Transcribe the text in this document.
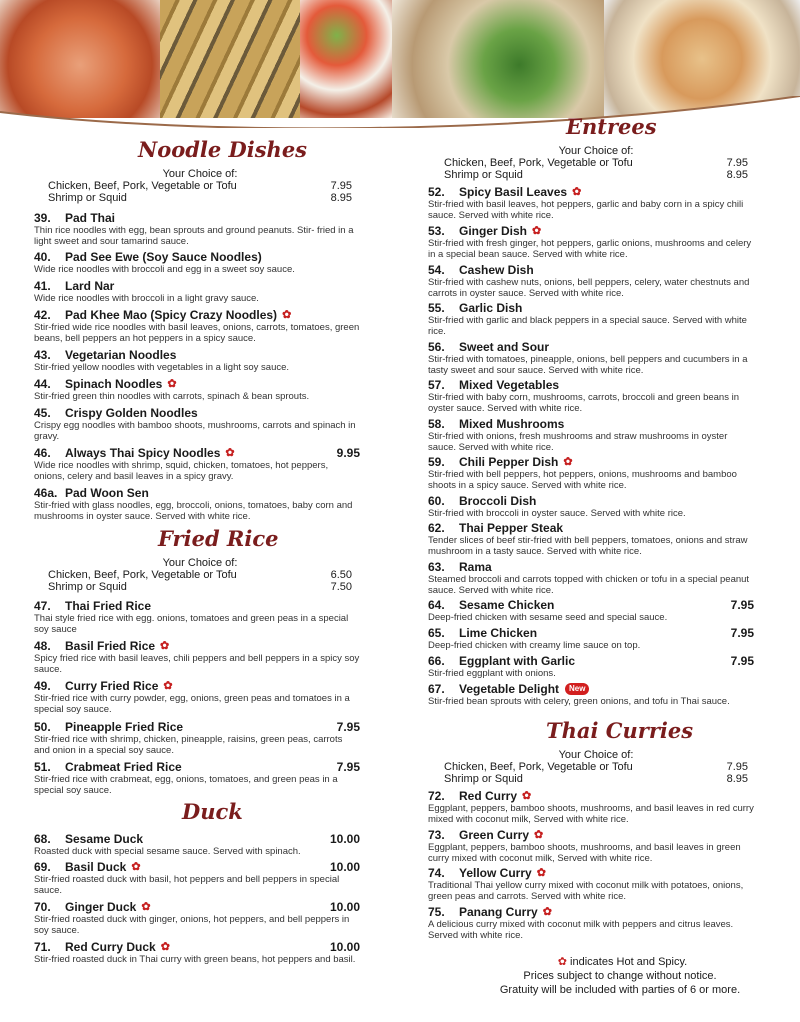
Noodle Dishes
Your Choice of:
Chicken, Beef, Pork, Vegetable or Tofu	7.95
Shrimp or Squid	8.95
39.	Pad Thai
Thin rice noodles with egg, bean sprouts and ground peanuts. Stir- fried in a light sweet and sour tamarind sauce.
40.	Pad See Ewe (Soy Sauce Noodles)
Wide rice noodles with broccoli and egg in a sweet soy sauce.
41.	Lard Nar
Wide rice noodles with broccoli in a light gravy sauce.
42.	Pad Khee Mao (Spicy Crazy Noodles) ✿
Stir-fried wide rice noodles with basil leaves, onions, carrots, tomatoes, green beans, bell peppers an hot peppers in a spicy sauce.
43.	Vegetarian Noodles
Stir-fried yellow noodles with vegetables in a light soy sauce.
44.	Spinach Noodles ✿
Stir-fried green thin noodles with carrots, spinach & bean sprouts.
45.	Crispy Golden Noodles
Crispy egg noodles with bamboo shoots, mushrooms, carrots and spinach in gravy.
46.	Always Thai Spicy Noodles ✿	9.95
Wide rice noodles with shrimp, squid, chicken, tomatoes, hot peppers, onions, celery and basil leaves in a spicy gravy.
46a. Pad Woon Sen
Stir-fried with glass noodles, egg, broccoli, onions, tomatoes, baby corn and mushrooms in oyster sauce. Served with white rice.
Fried Rice
Your Choice of:
Chicken, Beef, Pork, Vegetable or Tofu	6.50
Shrimp or Squid	7.50
47.	Thai Fried Rice
Thai style fried rice with egg. onions, tomatoes and green peas in a special soy sauce
48.	Basil Fried Rice ✿
Spicy fried rice with basil leaves, chili peppers and bell peppers in a spicy soy sauce.
49.	Curry Fried Rice ✿
Stir-fried rice with curry powder, egg, onions, green peas and tomatoes in a special soy sauce.
50.	Pineapple Fried Rice	7.95
Stir-fried rice with shrimp, chicken, pineapple, raisins, green peas, carrots and onion in a special soy sauce.
51.	Crabmeat Fried Rice	7.95
Stir-fried rice with crabmeat, egg, onions, tomatoes, and green peas in a special soy sauce.
Duck
68.	Sesame Duck	10.00
Roasted duck with special sesame sauce. Served with spinach.
69.	Basil Duck ✿	10.00
Stir-fried roasted duck with basil, hot peppers and bell peppers in special sauce.
70.	Ginger Duck ✿	10.00
Stir-fried roasted duck with ginger, onions, hot peppers, and bell peppers in soy sauce.
71.	Red Curry Duck ✿	10.00
Stir-fried roasted duck in Thai curry with green beans, hot peppers and basil.
Entrees
Your Choice of:
Chicken, Beef, Pork, Vegetable or Tofu	7.95
Shrimp or Squid	8.95
52.	Spicy Basil Leaves ✿
Stir-fried with basil leaves, hot peppers, garlic and baby corn in a spicy chili sauce. Served with white rice.
53.	Ginger Dish ✿
Stir-fried with fresh ginger, hot peppers, garlic onions, mushrooms and celery in a special bean sauce. Served with white rice.
54.	Cashew Dish
Stir-fried with cashew nuts, onions, bell peppers, celery, water chestnuts and carrots in oyster sauce. Served with white rice.
55.	Garlic Dish
Stir-fried with garlic and black peppers in a special sauce. Served with white rice.
56.	Sweet and Sour
Stir-fried with tomatoes, pineapple, onions, bell peppers and cucumbers in a tasty sweet and sour sauce. Served with white rice.
57.	Mixed Vegetables
Stir-fried with baby corn, mushrooms, carrots, broccoli and green beans in oyster sauce. Served with white rice.
58.	Mixed Mushrooms
Stir-fried with onions, fresh mushrooms and straw mushrooms in oyster sauce. Served with white rice.
59.	Chili Pepper Dish ✿
Stir-fried with bell peppers, hot peppers, onions, mushrooms and bamboo shoots in a spicy sauce. Served with white rice.
60.	Broccoli Dish
Stir-fried with broccoli in oyster sauce. Served with white rice.
62.	Thai Pepper Steak
Tender slices of beef stir-fried with bell peppers, tomatoes, onions and straw mushroom in a tasty sauce. Served with white rice.
63.	Rama
Steamed broccoli and carrots topped with chicken or tofu in a special peanut sauce. Served with white rice.
64.	Sesame Chicken	7.95
Deep-fried chicken with sesame seed and special sauce.
65.	Lime Chicken	7.95
Deep-fried chicken with creamy lime sauce on top.
66.	Eggplant with Garlic	7.95
Stir-fried eggplant with onions.
67.	Vegetable Delight	New
Stir-fried bean sprouts with celery, green onions, and tofu in Thai sauce.
Thai Curries
Your Choice of:
Chicken, Beef, Pork, Vegetable or Tofu	7.95
Shrimp or Squid	8.95
72.	Red Curry ✿
Eggplant, peppers, bamboo shoots, mushrooms, and basil leaves in red curry mixed with coconut milk, Served with white rice.
73.	Green Curry ✿
Eggplant, peppers, bamboo shoots, mushrooms, and basil leaves in green curry mixed with coconut milk, Served with white rice.
74.	Yellow Curry ✿
Traditional Thai yellow curry mixed with coconut milk with potatoes, onions, green peas and carrots. Served with white rice.
75.	Panang Curry ✿
A delicious curry mixed with coconut milk with peppers and citrus leaves. Served with white rice.
✿ indicates Hot and Spicy.
Prices subject to change without notice.
Gratuity will be included with parties of 6 or more.
